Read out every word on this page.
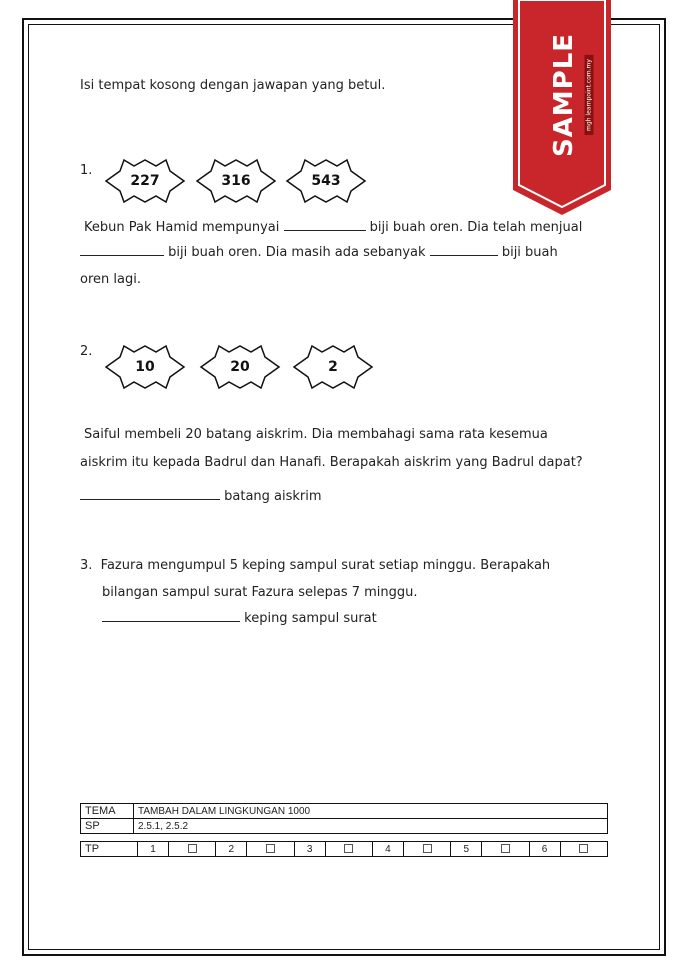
SAMPLE mgh learnpoint.com.my
Isi tempat kosong dengan jawapan yang betul.
1.
227	316	543
Kebun Pak Hamid mempunyai	biji buah oren. Dia telah menjual
biji buah oren. Dia masih ada sebanyak	biji buah
oren lagi.
2.
10	20	2
Saiful membeli 20 batang aiskrim. Dia membahagi sama rata kesemua
aiskrim itu kepada Badrul dan Hanafi. Berapakah aiskrim yang Badrul dapat?
batang aiskrim
3. Fazura mengumpul 5 keping sampul surat setiap minggu. Berapakah
bilangan sampul surat Fazura selepas 7 minggu.
keping sampul surat
TEMA	TAMBAH DALAM LINGKUNGAN 1000
SP	2.5.1, 2.5.2
TP	1		2		3		4		5		6	
